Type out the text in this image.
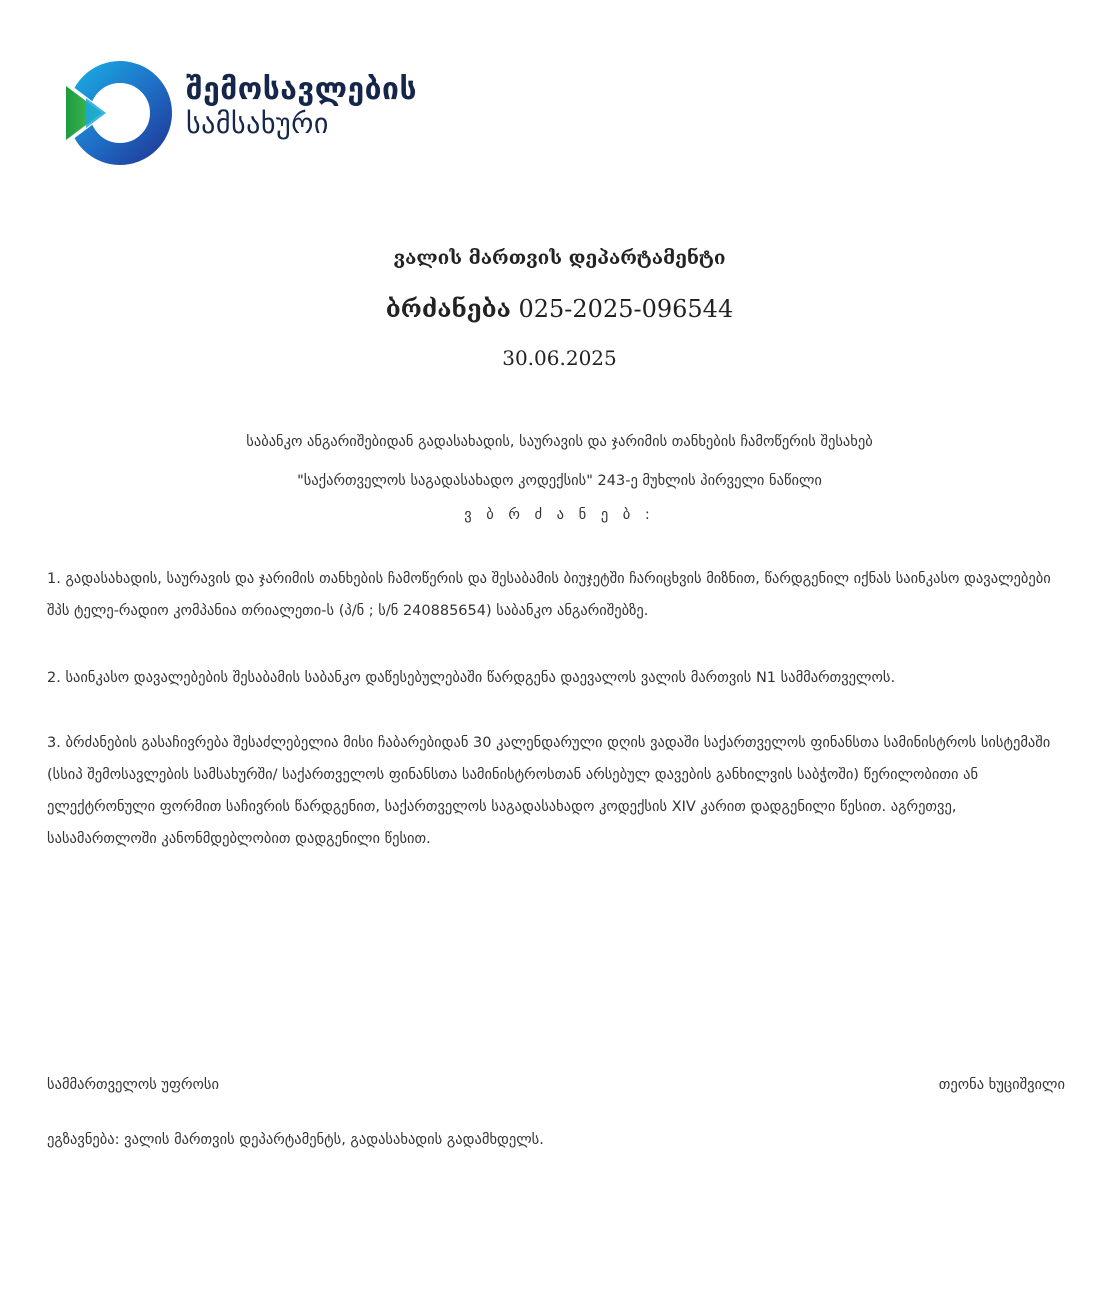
შემოსავლების
სამსახური
ვალის მართვის დეპარტამენტი
ბრძანება 025-2025-096544
30.06.2025
საბანკო ანგარიშებიდან გადასახადის, საურავის და ჯარიმის თანხების ჩამოწერის შესახებ
"საქართველოს საგადასახადო კოდექსის" 243-ე მუხლის პირველი ნაწილი
ვ ბ რ ძ ა ნ ე ბ :
1. გადასახადის, საურავის და ჯარიმის თანხების ჩამოწერის და შესაბამის ბიუჯეტში ჩარიცხვის მიზნით, წარდგენილ იქნას საინკასო დავალებები შპს ტელე-რადიო კომპანია თრიალეთი-ს (პ/ნ ; ს/ნ 240885654) საბანკო ანგარიშებზე.
2. საინკასო დავალებების შესაბამის საბანკო დაწესებულებაში წარდგენა დაევალოს ვალის მართვის N1 სამმართველოს.
3. ბრძანების გასაჩივრება შესაძლებელია მისი ჩაბარებიდან 30 კალენდარული დღის ვადაში საქართველოს ფინანსთა სამინისტროს სისტემაში (სსიპ შემოსავლების სამსახურში/ საქართველოს ფინანსთა სამინისტროსთან არსებულ დავების განხილვის საბჭოში) წერილობითი ან ელექტრონული ფორმით საჩივრის წარდგენით, საქართველოს საგადასახადო კოდექსის XIV კარით დადგენილი წესით. აგრეთვე, სასამართლოში კანონმდებლობით დადგენილი წესით.
სამმართველოს უფროსი	თეონა ხუციშვილი
ეგზავნება: ვალის მართვის დეპარტამენტს, გადასახადის გადამხდელს.
